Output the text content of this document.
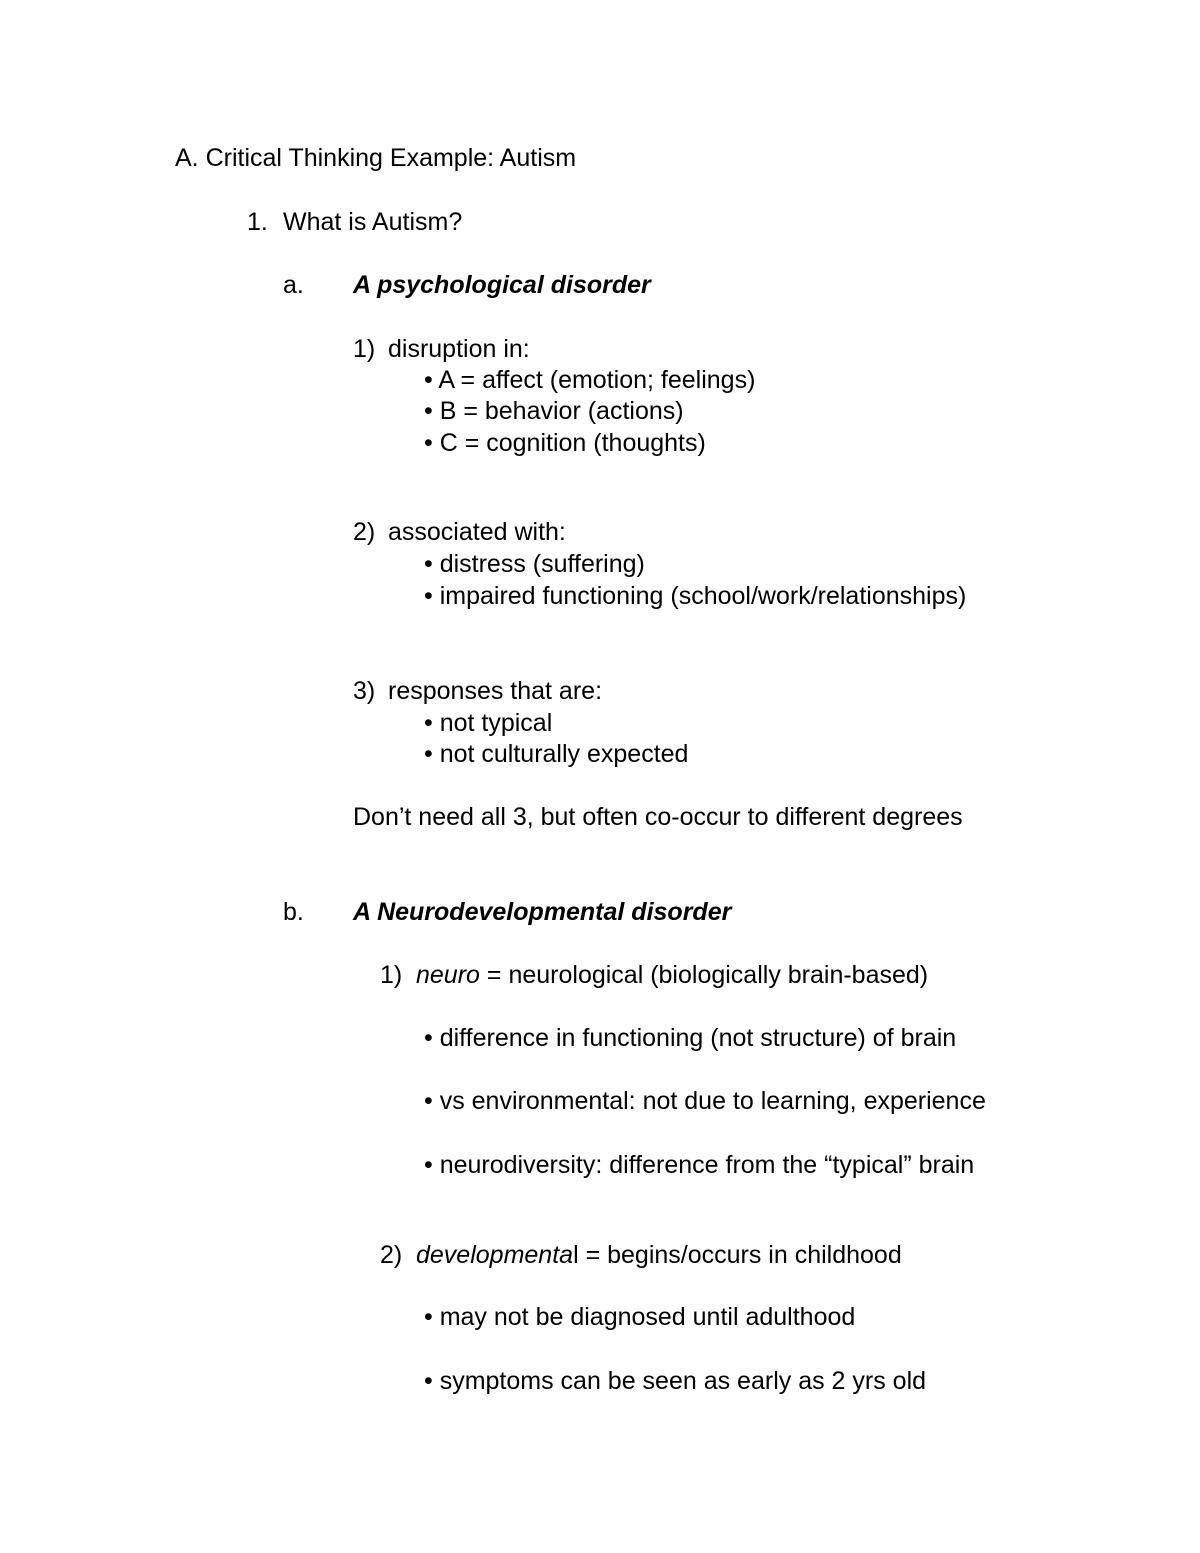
A. Critical Thinking Example: Autism
1. What is Autism?
a. A psychological disorder
1) disruption in:
• A = affect (emotion; feelings)
• B = behavior (actions)
• C = cognition (thoughts)
2) associated with:
• distress (suffering)
• impaired functioning (school/work/relationships)
3) responses that are:
• not typical
• not culturally expected
Don’t need all 3, but often co-occur to different degrees
b. A Neurodevelopmental disorder
1) neuro = neurological (biologically brain-based)
• difference in functioning (not structure) of brain
• vs environmental: not due to learning, experience
• neurodiversity: difference from the “typical” brain
2) developmental = begins/occurs in childhood
• may not be diagnosed until adulthood
• symptoms can be seen as early as 2 yrs old
